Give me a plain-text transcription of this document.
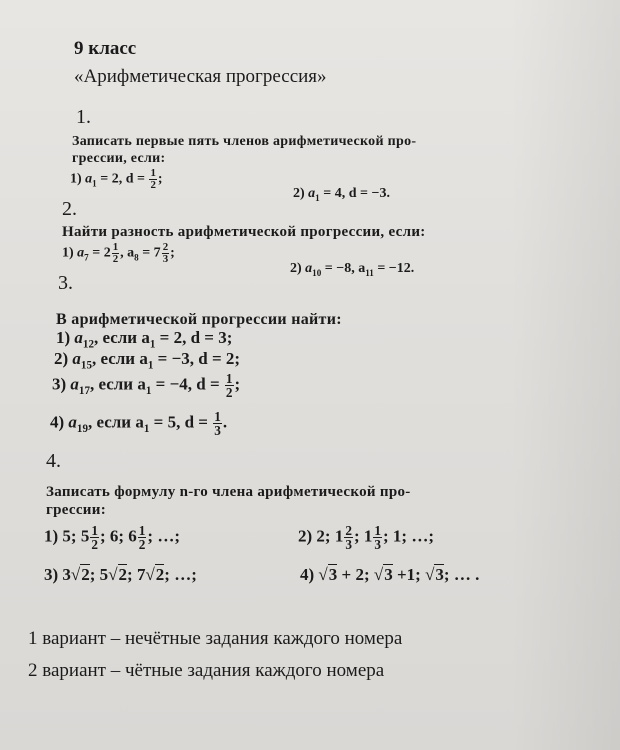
9 класс
«Арифметическая прогрессия»
1.
Записать первые пять членов арифметической про-
грессии, если:
1) $a_1 = 2$, $d = \frac{1}{2}$ ;
2) $a_1 = 4$, d = −3.
2.
Найти разность арифметической прогрессии, если:
1) $a_7 = 2 \frac{1}{2}$ , $a_8 = 7 \frac{2}{3}$ ;
2) $a_{10} = -8$, $a_{11} = -12$.
3.
В арифметической прогрессии найти:
1) $a_{12}$, если $a_1 = 2$, d = 3;
2) $a_{15}$, если $a_1 = -3$, d = 2;
3) $a_{17}$, если $a_1 = -4$, $d = \frac{1}{2}$ ;
4) $a_{19}$, если $a_1 = 5$, $d = \frac{1}{3}$ .
4.
Записать формулу n-го члена арифметической про-
грессии:
1) 5; $5 \frac{1}{2}$ ; 6; $6 \frac{1}{2}$ ; …;	2) 2; $1 \frac{2}{3}$ ; $1 \frac{1}{3}$ ; 1; …;
3) 3√2; 5√2; 7√2; …;	4) √3 + 2; √3 +1; √3; … .
1 вариант – нечётные задания каждого номера
2 вариант – чётные задания каждого номера
